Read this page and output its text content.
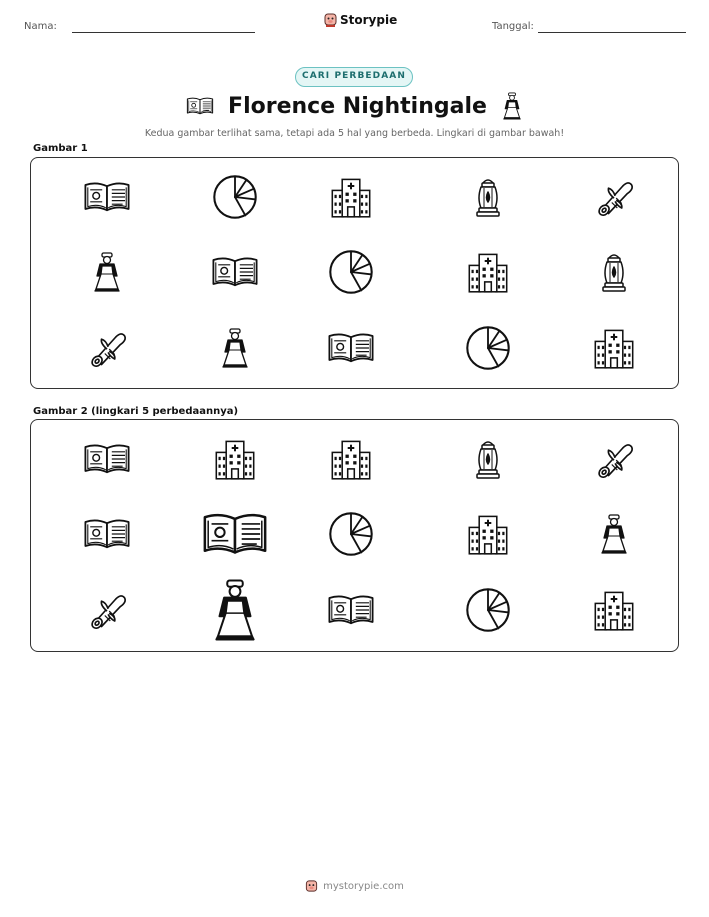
Nama:	Storypie	Tanggal:
CARI PERBEDAAN
Florence Nightingale
Kedua gambar terlihat sama, tetapi ada 5 hal yang berbeda. Lingkari di gambar bawah!
Gambar 1
Gambar 2 (lingkari 5 perbedaannya)
mystorypie.com
